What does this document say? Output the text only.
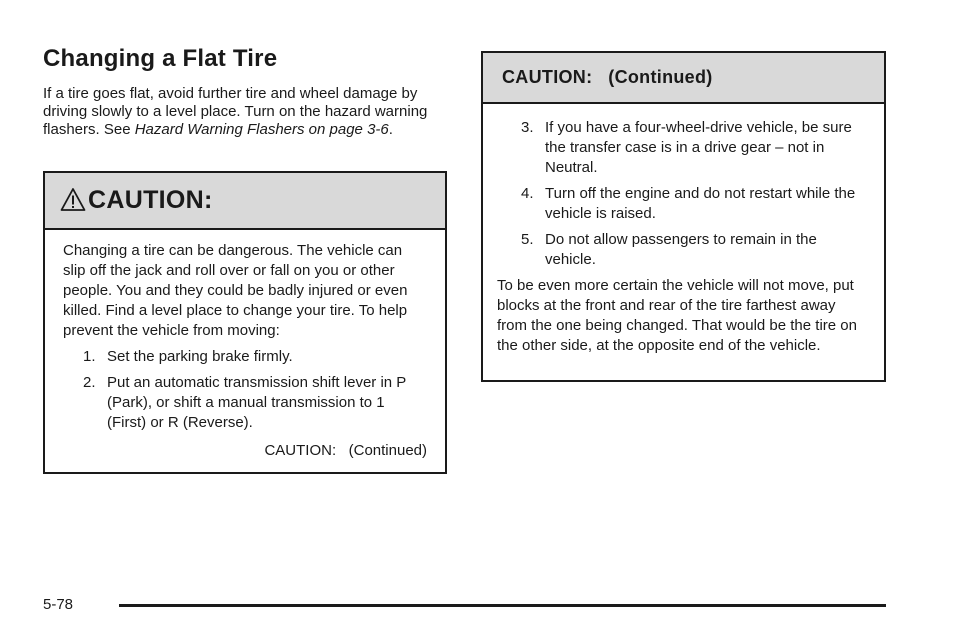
Changing a Flat Tire

If a tire goes flat, avoid further tire and wheel damage by driving slowly to a level place. Turn on the hazard warning flashers. See Hazard Warning Flashers on page 3-6.

CAUTION:

Changing a tire can be dangerous. The vehicle can slip off the jack and roll over or fall on you or other people. You and they could be badly injured or even killed. Find a level place to change your tire. To help prevent the vehicle from moving:

1. Set the parking brake firmly.
2. Put an automatic transmission shift lever in P (Park), or shift a manual transmission to 1 (First) or R (Reverse).
CAUTION:   (Continued)
CAUTION:   (Continued)
3. If you have a four-wheel-drive vehicle, be sure the transfer case is in a drive gear – not in Neutral.
4. Turn off the engine and do not restart while the vehicle is raised.
5. Do not allow passengers to remain in the vehicle.

To be even more certain the vehicle will not move, put blocks at the front and rear of the tire farthest away from the one being changed. That would be the tire on the other side, at the opposite end of the vehicle.

5-78
